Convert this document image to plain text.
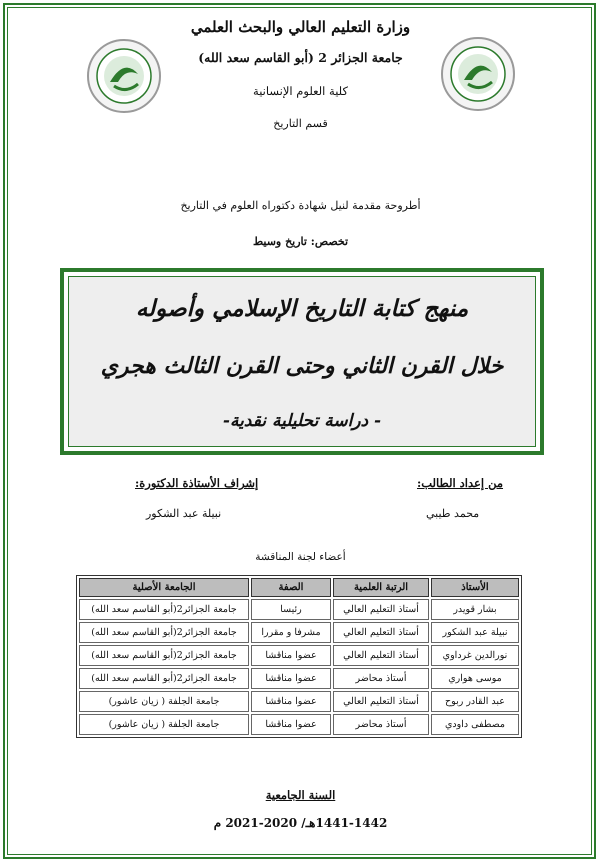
وزارة التعليم العالي والبحث العلمي
جامعة الجزائر 2 (أبو القاسم سعد الله)
كلية العلوم الإنسانية
قسم التاريخ
أطروحة مقدمة لنيل شهادة دكتوراه العلوم في التاريخ
تخصص: تاريخ وسيط
منهج كتابة التاريخ الإسلامي وأصوله
خلال القرن الثاني وحتى القرن الثالث هجري
- دراسة تحليلية نقدية-
من إعداد الطالب:
محمد طيبي
إشراف الأستاذة الدكتورة:
نبيلة عبد الشكور
أعضاء لجنة المناقشة
الأستاذ	الرتبة العلمية	الصفة	الجامعة الأصلية
بشار قويدر	أستاذ التعليم العالي	رئيسا	جامعة الجزائر2(أبو القاسم سعد الله)
نبيلة عبد الشكور	أستاذ التعليم العالي	مشرفا و مقررا	جامعة الجزائر2(أبو القاسم سعد الله)
نورالدين غرداوي	أستاذ التعليم العالي	عضوا مناقشا	جامعة الجزائر2(أبو القاسم سعد الله)
موسى هواري	أستاذ محاضر	عضوا مناقشا	جامعة الجزائر2(أبو القاسم سعد الله)
عبد القادر ربوح	أستاذ التعليم العالي	عضوا مناقشا	جامعة الجلفة ( زيان عاشور)
مصطفى داودي	أستاذ محاضر	عضوا مناقشا	جامعة الجلفة ( زيان عاشور)
السنة الجامعية
1441-1442هـ/ 2020-2021 م
